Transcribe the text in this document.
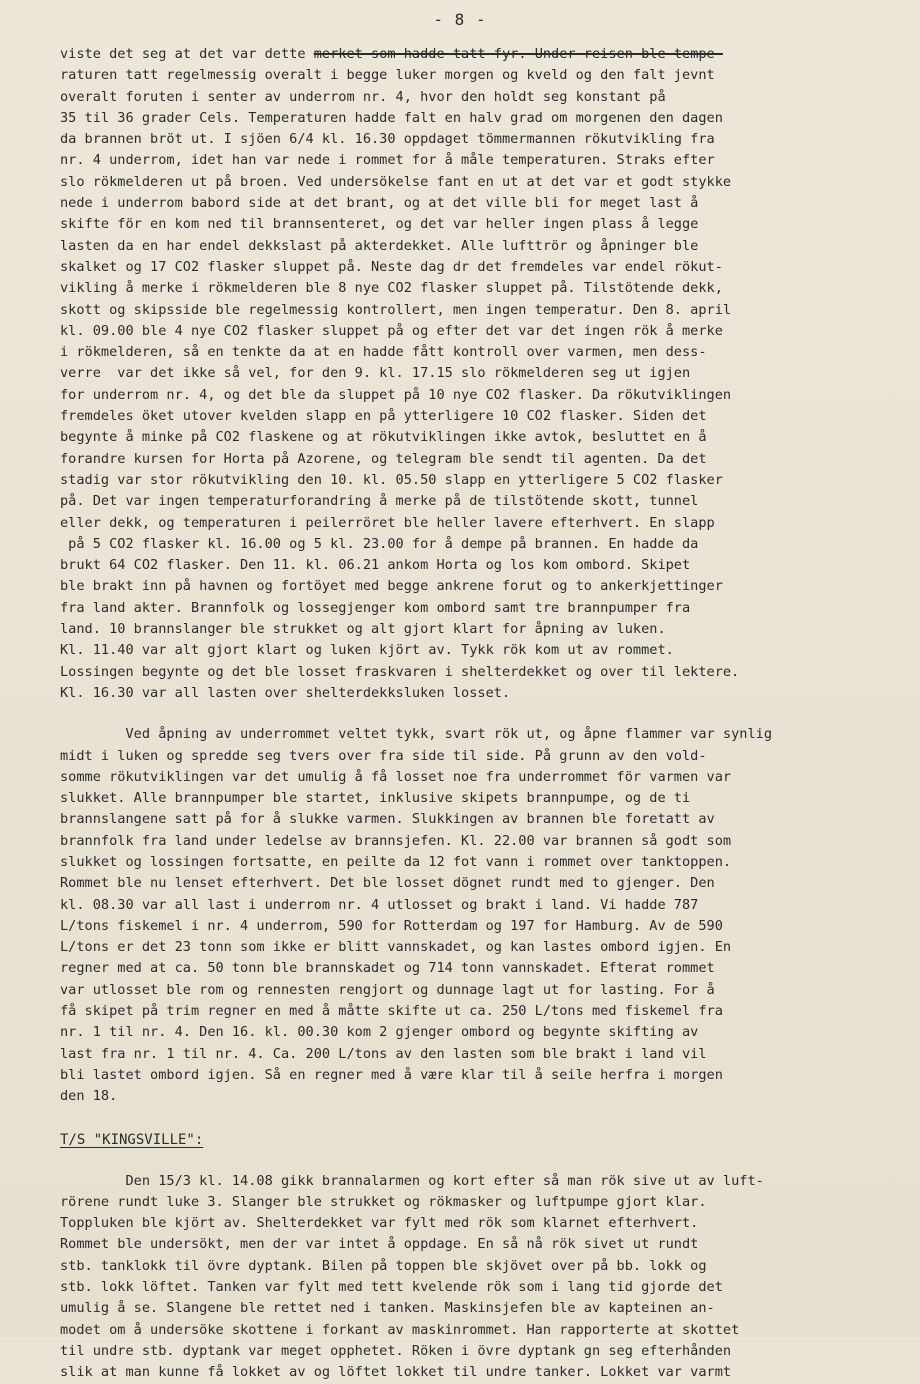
- 8 -
viste det seg at det var dette merket som hadde tatt fyr. Under reisen ble tempe-
raturen tatt regelmessig overalt i begge luker morgen og kveld og den falt jevnt
overalt foruten i senter av underrom nr. 4, hvor den holdt seg konstant på
35 til 36 grader Cels. Temperaturen hadde falt en halv grad om morgenen den dagen
da brannen bröt ut. I sjöen 6/4 kl. 16.30 oppdaget tömmermannen rökutvikling fra
nr. 4 underrom, idet han var nede i rommet for å måle temperaturen. Straks efter
slo rökmelderen ut på broen. Ved undersökelse fant en ut at det var et godt stykke
nede i underrom babord side at det brant, og at det ville bli for meget last å
skifte för en kom ned til brannsenteret, og det var heller ingen plass å legge
lasten da en har endel dekkslast på akterdekket. Alle lufttrör og åpninger ble
skalket og 17 CO2 flasker sluppet på. Neste dag dr det fremdeles var endel rökut-
vikling å merke i rökmelderen ble 8 nye CO2 flasker sluppet på. Tilstötende dekk,
skott og skipsside ble regelmessig kontrollert, men ingen temperatur. Den 8. april
kl. 09.00 ble 4 nye CO2 flasker sluppet på og efter det var det ingen rök å merke
i rökmelderen, så en tenkte da at en hadde fått kontroll over varmen, men dess-
verre  var det ikke så vel, for den 9. kl. 17.15 slo rökmelderen seg ut igjen
for underrom nr. 4, og det ble da sluppet på 10 nye CO2 flasker. Da rökutviklingen
fremdeles öket utover kvelden slapp en på ytterligere 10 CO2 flasker. Siden det
begynte å minke på CO2 flaskene og at rökutviklingen ikke avtok, besluttet en å
forandre kursen for Horta på Azorene, og telegram ble sendt til agenten. Da det
stadig var stor rökutvikling den 10. kl. 05.50 slapp en ytterligere 5 CO2 flasker
på. Det var ingen temperaturforandring å merke på de tilstötende skott, tunnel
eller dekk, og temperaturen i peilerröret ble heller lavere efterhvert. En slapp
på 5 CO2 flasker kl. 16.00 og 5 kl. 23.00 for å dempe på brannen. En hadde da
brukt 64 CO2 flasker. Den 11. kl. 06.21 ankom Horta og los kom ombord. Skipet
ble brakt inn på havnen og fortöyet med begge ankrene forut og to ankerkjettinger
fra land akter. Brannfolk og lossegjenger kom ombord samt tre brannpumper fra
land. 10 brannslanger ble strukket og alt gjort klart for åpning av luken.
Kl. 11.40 var alt gjort klart og luken kjört av. Tykk rök kom ut av rommet.
Lossingen begynte og det ble losset fraskvaren i shelterdekket og over til lektere.
Kl. 16.30 var all lasten over shelterdekksluken losset.
Ved åpning av underrommet veltet tykk, svart rök ut, og åpne flammer var synlig
midt i luken og spredde seg tvers over fra side til side. På grunn av den vold-
somme rökutviklingen var det umulig å få losset noe fra underrommet för varmen var
slukket. Alle brannpumper ble startet, inklusive skipets brannpumpe, og de ti
brannslangene satt på for å slukke varmen. Slukkingen av brannen ble foretatt av
brannfolk fra land under ledelse av brannsjefen. Kl. 22.00 var brannen så godt som
slukket og lossingen fortsatte, en peilte da 12 fot vann i rommet over tanktoppen.
Rommet ble nu lenset efterhvert. Det ble losset dögnet rundt med to gjenger. Den
kl. 08.30 var all last i underrom nr. 4 utlosset og brakt i land. Vi hadde 787
L/tons fiskemel i nr. 4 underrom, 590 for Rotterdam og 197 for Hamburg. Av de 590
L/tons er det 23 tonn som ikke er blitt vannskadet, og kan lastes ombord igjen. En
regner med at ca. 50 tonn ble brannskadet og 714 tonn vannskadet. Efterat rommet
var utlosset ble rom og rennesten rengjort og dunnage lagt ut for lasting. For å
få skipet på trim regner en med å måtte skifte ut ca. 250 L/tons med fiskemel fra
nr. 1 til nr. 4. Den 16. kl. 00.30 kom 2 gjenger ombord og begynte skifting av
last fra nr. 1 til nr. 4. Ca. 200 L/tons av den lasten som ble brakt i land vil
bli lastet ombord igjen. Så en regner med å være klar til å seile herfra i morgen
den 18.

T/S "KINGSVILLE":

Den 15/3 kl. 14.08 gikk brannalarmen og kort efter så man rök sive ut av luft-
rörene rundt luke 3. Slanger ble strukket og rökmasker og luftpumpe gjort klar.
Toppluken ble kjört av. Shelterdekket var fylt med rök som klarnet efterhvert.
Rommet ble undersökt, men der var intet å oppdage. En så nå rök sivet ut rundt
stb. tanklokk til övre dyptank. Bilen på toppen ble skjövet over på bb. lokk og
stb. lokk löftet. Tanken var fylt med tett kvelende rök som i lang tid gjorde det
umulig å se. Slangene ble rettet ned i tanken. Maskinsjefen ble av kapteinen an-
modet om å undersöke skottene i forkant av maskinrommet. Han rapporterte at skottet
til undre stb. dyptank var meget opphetet. Röken i övre dyptank gn seg efterhånden
slik at man kunne få lokket av og löftet lokket til undre tanker. Lokket var varmt
